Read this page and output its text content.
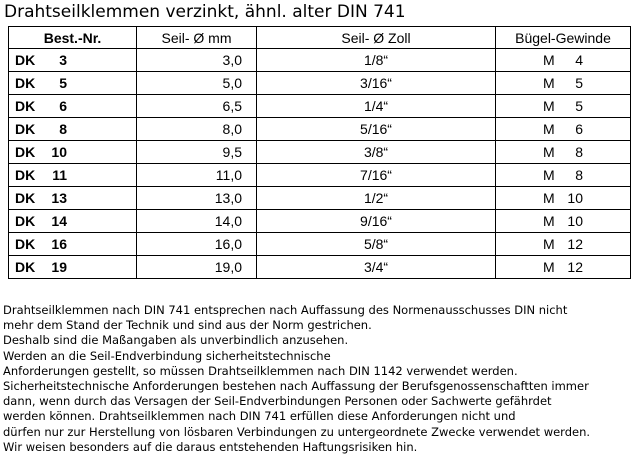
Drahtseilklemmen verzinkt, ähnl. alter DIN 741
Best.-Nr.	Seil- Ø mm	Seil- Ø Zoll	Bügel-Gewinde
DK 3	3,0	1/8“	M 4
DK 5	5,0	3/16“	M 5
DK 6	6,5	1/4“	M 5
DK 8	8,0	5/16“	M 6
DK 10	9,5	3/8“	M 8
DK 11	11,0	7/16“	M 8
DK 13	13,0	1/2“	M 10
DK 14	14,0	9/16“	M 10
DK 16	16,0	5/8“	M 12
DK 19	19,0	3/4“	M 12
Drahtseilklemmen nach DIN 741 entsprechen nach Auffassung des Normenausschusses DIN nicht
mehr dem Stand der Technik und sind aus der Norm gestrichen.
Deshalb sind die Maßangaben als unverbindlich anzusehen.
Werden an die Seil-Endverbindung sicherheitstechnische
Anforderungen gestellt, so müssen Drahtseilklemmen nach DIN 1142 verwendet werden.
Sicherheitstechnische Anforderungen bestehen nach Auffassung der Berufsgenossenschaftten immer
dann, wenn durch das Versagen der Seil-Endverbindungen Personen oder Sachwerte gefährdet
werden können. Drahtseilklemmen nach DIN 741 erfüllen diese Anforderungen nicht und
dürfen nur zur Herstellung von lösbaren Verbindungen zu untergeordnete Zwecke verwendet werden.
Wir weisen besonders auf die daraus entstehenden Haftungsrisiken hin.
